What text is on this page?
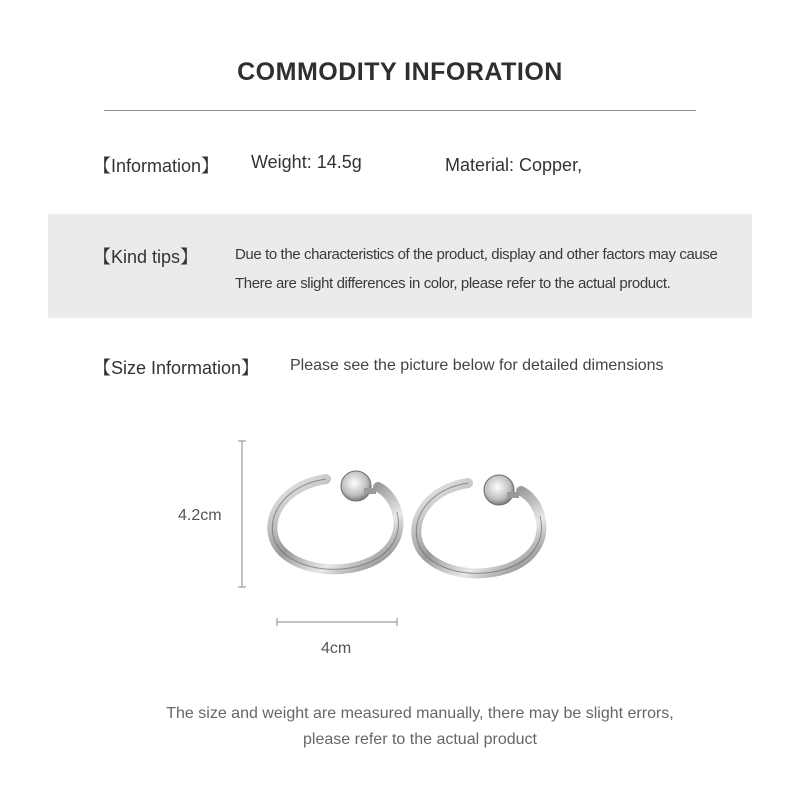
COMMODITY INFORATION
【Information】 Weight: 14.5g	Material: Copper,
【Kind tips】 Due to the characteristics of the product, display and other factors may cause
There are slight differences in color, please refer to the actual product.
【Size Information】 Please see the picture below for detailed dimensions
4.2cm
4cm
The size and weight are measured manually, there may be slight errors,
please refer to the actual product
